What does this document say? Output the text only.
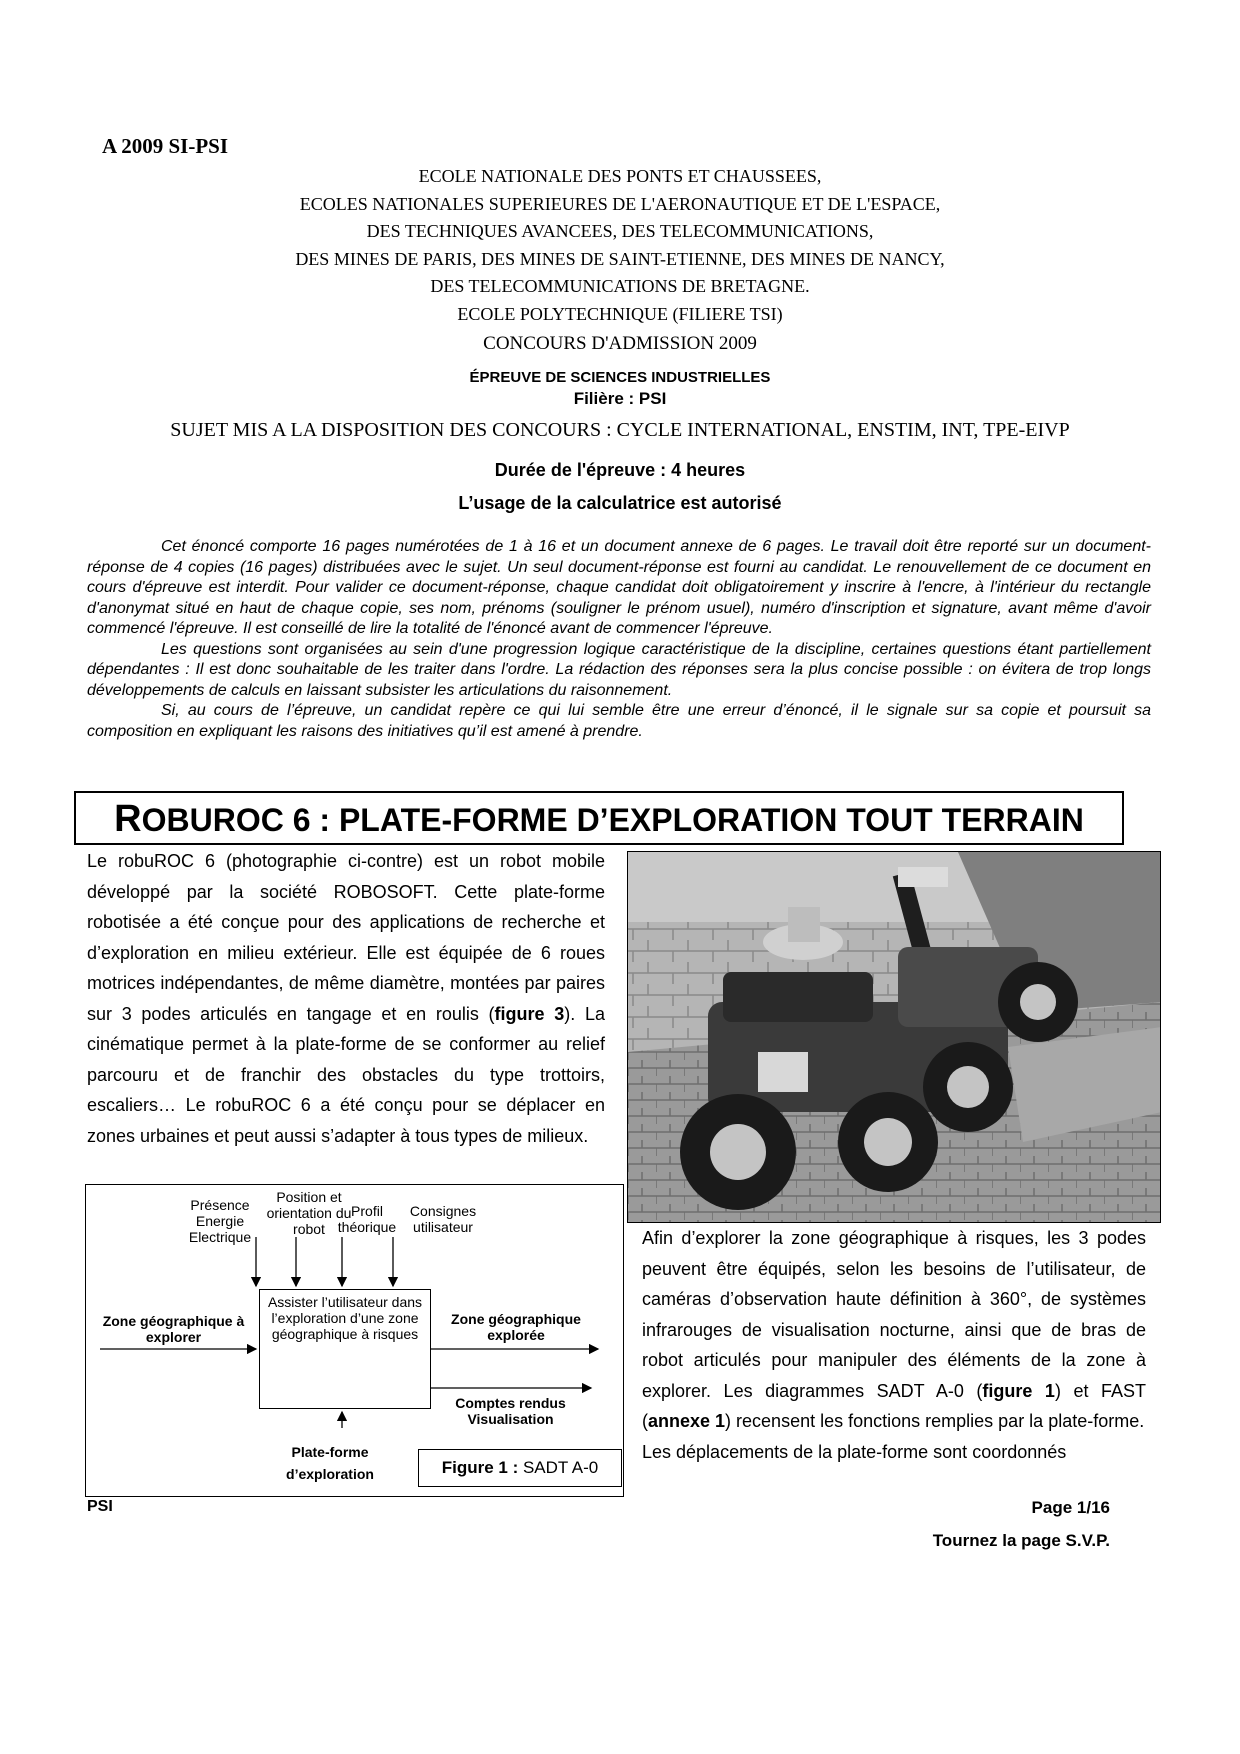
A 2009 SI-PSI
ECOLE NATIONALE DES PONTS ET CHAUSSEES,
ECOLES NATIONALES SUPERIEURES DE L'AERONAUTIQUE ET DE L'ESPACE,
DES TECHNIQUES AVANCEES, DES TELECOMMUNICATIONS,
DES MINES DE PARIS, DES MINES DE SAINT-ETIENNE, DES MINES DE NANCY,
DES TELECOMMUNICATIONS DE BRETAGNE.
ECOLE POLYTECHNIQUE (FILIERE TSI)
CONCOURS D'ADMISSION 2009
ÉPREUVE DE SCIENCES INDUSTRIELLES
Filière : PSI
SUJET MIS A LA DISPOSITION DES CONCOURS : CYCLE INTERNATIONAL, ENSTIM, INT, TPE-EIVP
Durée de l'épreuve : 4 heures
L’usage de la calculatrice est autorisé

Cet énoncé comporte 16 pages numérotées de 1 à 16 et un document annexe de 6 pages. Le travail doit être reporté sur un document-réponse de 4 copies (16 pages) distribuées avec le sujet. Un seul document-réponse est fourni au candidat. Le renouvellement de ce document en cours d'épreuve est interdit. Pour valider ce document-réponse, chaque candidat doit obligatoirement y inscrire à l'encre, à l'intérieur du rectangle d'anonymat situé en haut de chaque copie, ses nom, prénoms (souligner le prénom usuel), numéro d'inscription et signature, avant même d'avoir commencé l'épreuve. Il est conseillé de lire la totalité de l'énoncé avant de commencer l'épreuve.

Les questions sont organisées au sein d'une progression logique caractéristique de la discipline, certaines questions étant partiellement dépendantes : Il est donc souhaitable de les traiter dans l'ordre. La rédaction des réponses sera la plus concise possible : on évitera de trop longs développements de calculs en laissant subsister les articulations du raisonnement.

Si, au cours de l’épreuve, un candidat repère ce qui lui semble être une erreur d’énoncé, il le signale sur sa copie et poursuit sa composition en expliquant les raisons des initiatives qu’il est amené à prendre.

ROBUROC 6 : PLATE-FORME D’EXPLORATION TOUT TERRAIN

Le robuROC 6 (photographie ci-contre) est un robot mobile développé par la société ROBOSOFT. Cette plate-forme robotisée a été conçue pour des applications de recherche et d’exploration en milieu extérieur. Elle est équipée de 6 roues motrices indépendantes, de même diamètre, montées par paires sur 3 podes articulés en tangage et en roulis (figure 3). La cinématique permet à la plate-forme de se conformer au relief parcouru et de franchir des obstacles du type trottoirs, escaliers… Le robuROC 6 a été conçu pour se déplacer en zones urbaines et peut aussi s’adapter à tous types de milieux.

Présence Energie Electrique
Position et orientation du robot
Profil théorique
Consignes utilisateur
Zone géographique à explorer
Assister l’utilisateur dans l’exploration d’une zone géographique à risques
Zone géographique explorée
Comptes rendus Visualisation
Plate-forme d’exploration	Figure 1 : SADT A-0

Afin d’explorer la zone géographique à risques, les 3 podes peuvent être équipés, selon les besoins de l’utilisateur, de caméras d’observation haute définition à 360°, de systèmes infrarouges de visualisation nocturne, ainsi que de bras de robot articulés pour manipuler des éléments de la zone à explorer. Les diagrammes SADT A-0 (figure 1) et FAST (annexe 1) recensent les fonctions remplies par la plate-forme.

Les déplacements de la plate-forme sont coordonnés

PSI	Page 1/16
Tournez la page S.V.P.
